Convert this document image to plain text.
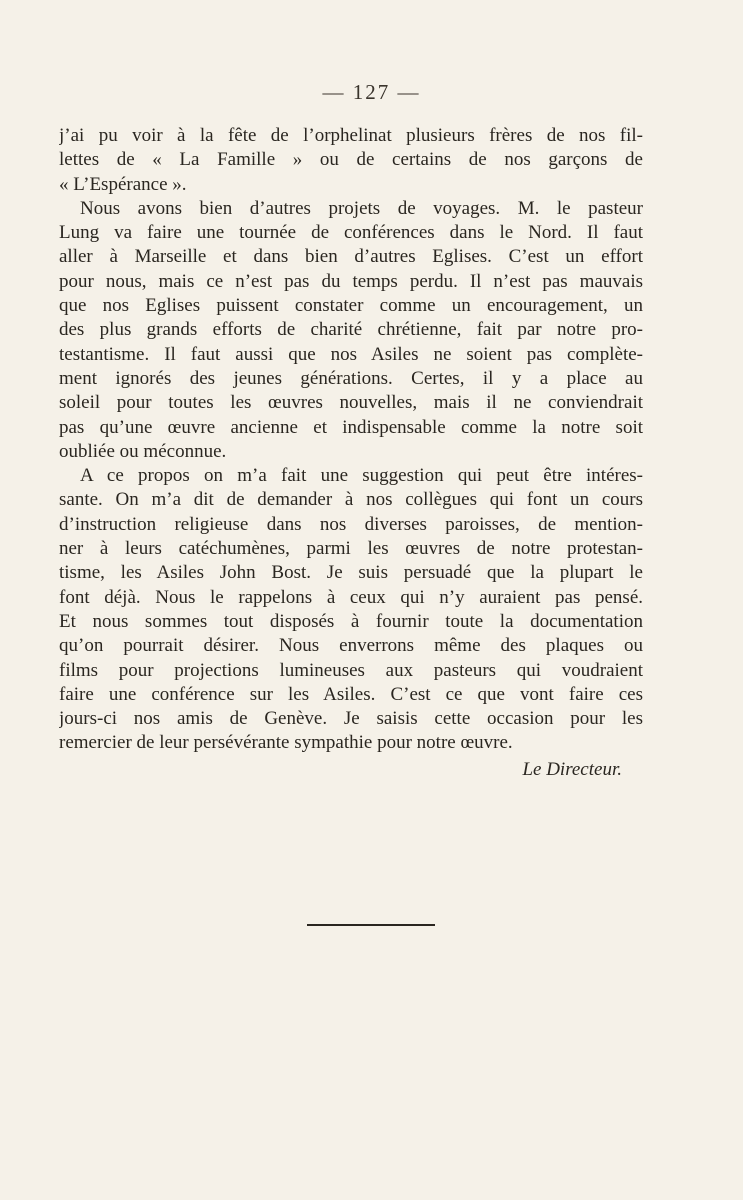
— 127 —
j’ai pu voir à la fête de l’orphelinat plusieurs frères de nos fil-
lettes de « La Famille » ou de certains de nos garçons de
« L’Espérance ».
Nous avons bien d’autres projets de voyages. M. le pasteur
Lung va faire une tournée de conférences dans le Nord. Il faut
aller à Marseille et dans bien d’autres Eglises. C’est un effort
pour nous, mais ce n’est pas du temps perdu. Il n’est pas mauvais
que nos Eglises puissent constater comme un encouragement, un
des plus grands efforts de charité chrétienne, fait par notre pro-
testantisme. Il faut aussi que nos Asiles ne soient pas complète-
ment ignorés des jeunes générations. Certes, il y a place au
soleil pour toutes les œuvres nouvelles, mais il ne conviendrait
pas qu’une œuvre ancienne et indispensable comme la notre soit
oubliée ou méconnue.
A ce propos on m’a fait une suggestion qui peut être intéres-
sante. On m’a dit de demander à nos collègues qui font un cours
d’instruction religieuse dans nos diverses paroisses, de mention-
ner à leurs catéchumènes, parmi les œuvres de notre protestan-
tisme, les Asiles John Bost. Je suis persuadé que la plupart le
font déjà. Nous le rappelons à ceux qui n’y auraient pas pensé.
Et nous sommes tout disposés à fournir toute la documentation
qu’on pourrait désirer. Nous enverrons même des plaques ou
films pour projections lumineuses aux pasteurs qui voudraient
faire une conférence sur les Asiles. C’est ce que vont faire ces
jours-ci nos amis de Genève. Je saisis cette occasion pour les
remercier de leur persévérante sympathie pour notre œuvre.
Le Directeur.
